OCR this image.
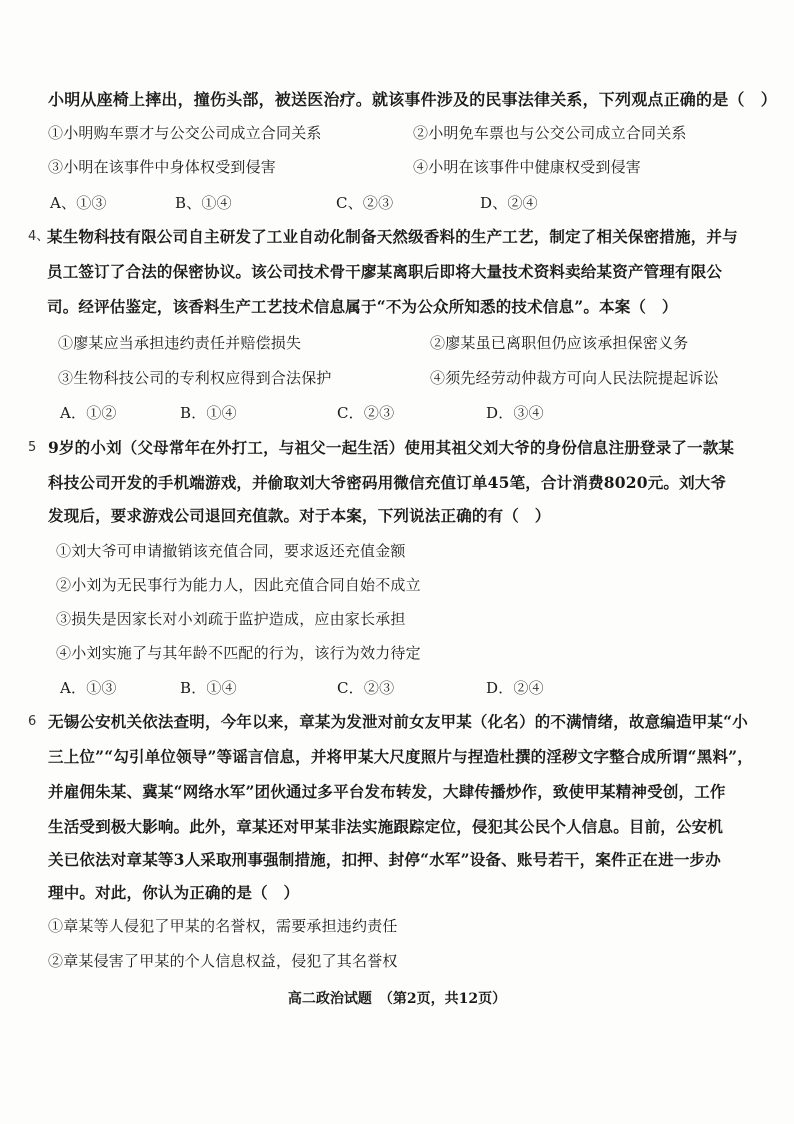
小明从座椅上摔出，撞伤头部，被送医治疗。就该事件涉及的民事法律关系，下列观点正确的是（　）
①小明购车票才与公交公司成立合同关系	②小明免车票也与公交公司成立合同关系
③小明在该事件中身体权受到侵害	④小明在该事件中健康权受到侵害
A、①③	B、①④	C、②③	D、②④
4、
某生物科技有限公司自主研发了工业自动化制备天然级香料的生产工艺，制定了相关保密措施，并与
员工签订了合法的保密协议。该公司技术骨干廖某离职后即将大量技术资料卖给某资产管理有限公
司。经评估鉴定，该香料生产工艺技术信息属于“不为公众所知悉的技术信息”。本案（　）
①廖某应当承担违约责任并赔偿损失	②廖某虽已离职但仍应该承担保密义务
③生物科技公司的专利权应得到合法保护	④须先经劳动仲裁方可向人民法院提起诉讼
A．①②	B．①④	C．②③	D．③④
5 9岁的小刘（父母常年在外打工，与祖父一起生活）使用其祖父刘大爷的身份信息注册登录了一款某
科技公司开发的手机端游戏，并偷取刘大爷密码用微信充值订单45笔，合计消费8020元。刘大爷
发现后，要求游戏公司退回充值款。对于本案，下列说法正确的有（　）
①刘大爷可申请撤销该充值合同，要求返还充值金额
②小刘为无民事行为能力人，因此充值合同自始不成立
③损失是因家长对小刘疏于监护造成，应由家长承担
④小刘实施了与其年龄不匹配的行为，该行为效力待定
A．①③	B．①④	C．②③	D．②④
6 无锡公安机关依法查明，今年以来，章某为发泄对前女友甲某（化名）的不满情绪，故意编造甲某“小
三上位”“勾引单位领导”等谣言信息，并将甲某大尺度照片与捏造杜撰的淫秽文字整合成所谓“黑料”，
并雇佣朱某、冀某“网络水军”团伙通过多平台发布转发，大肆传播炒作，致使甲某精神受创，工作
生活受到极大影响。此外，章某还对甲某非法实施跟踪定位，侵犯其公民个人信息。目前，公安机
关已依法对章某等3人采取刑事强制措施，扣押、封停“水军”设备、账号若干，案件正在进一步办
理中。对此，你认为正确的是（　）
①章某等人侵犯了甲某的名誉权，需要承担违约责任
②章某侵害了甲某的个人信息权益，侵犯了其名誉权
高二政治试题　（第2页，共12页）
